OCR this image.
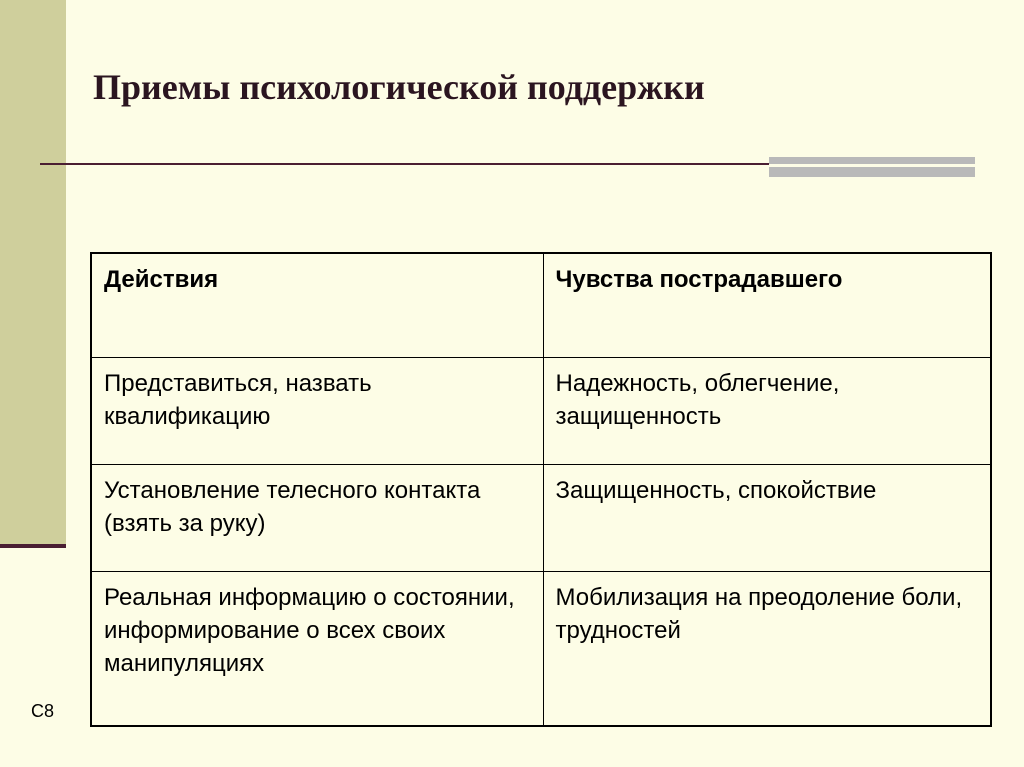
Приемы психологической поддержки
Действия	Чувства пострадавшего
Представиться, назвать квалификацию	Надежность, облегчение, защищенность
Установление телесного контакта (взять за руку)	Защищенность, спокойствие
Реальная информацию о состоянии, информирование о всех своих манипуляциях	Мобилизация на преодоление боли, трудностей
С8
